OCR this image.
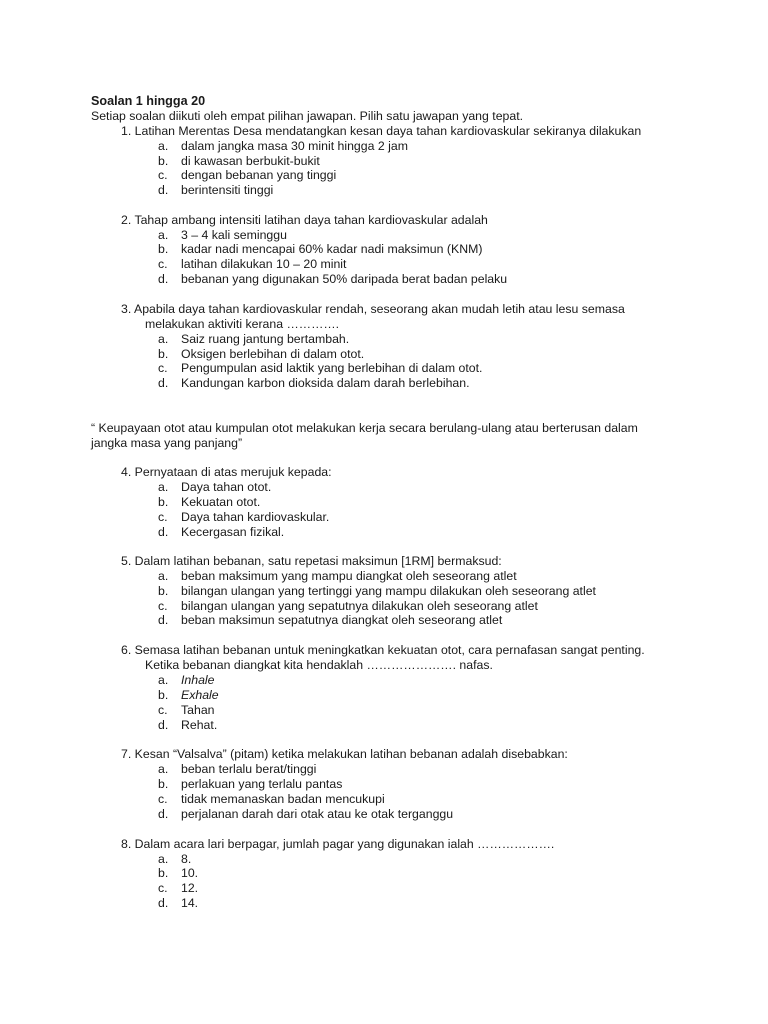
Soalan 1 hingga 20
Setiap soalan diikuti oleh empat pilihan jawapan. Pilih satu jawapan yang tepat.
1. Latihan Merentas Desa mendatangkan kesan daya tahan kardiovaskular sekiranya dilakukan
a. dalam jangka masa 30 minit hingga 2 jam
b. di kawasan berbukit-bukit
c. dengan bebanan yang tinggi
d. berintensiti tinggi
2. Tahap ambang intensiti latihan daya tahan kardiovaskular adalah
a. 3 – 4 kali seminggu
b. kadar nadi mencapai 60% kadar nadi maksimun (KNM)
c. latihan dilakukan 10 – 20 minit
d. bebanan yang digunakan 50% daripada berat badan pelaku
3. Apabila daya tahan kardiovaskular rendah, seseorang akan mudah letih atau lesu semasa
melakukan aktiviti kerana ………….
a. Saiz ruang jantung bertambah.
b. Oksigen berlebihan di dalam otot.
c. Pengumpulan asid laktik yang berlebihan di dalam otot.
d. Kandungan karbon dioksida dalam darah berlebihan.
“ Keupayaan otot atau kumpulan otot melakukan kerja secara berulang-ulang atau berterusan dalam
jangka masa yang panjang”
4. Pernyataan di atas merujuk kepada:
a. Daya tahan otot.
b. Kekuatan otot.
c. Daya tahan kardiovaskular.
d. Kecergasan fizikal.
5. Dalam latihan bebanan, satu repetasi maksimun [1RM] bermaksud:
a. beban maksimum yang mampu diangkat oleh seseorang atlet
b. bilangan ulangan yang tertinggi yang mampu dilakukan oleh seseorang atlet
c. bilangan ulangan yang sepatutnya dilakukan oleh seseorang atlet
d. beban maksimun sepatutnya diangkat oleh seseorang atlet
6. Semasa latihan bebanan untuk meningkatkan kekuatan otot, cara pernafasan sangat penting.
Ketika bebanan diangkat kita hendaklah …………………. nafas.
a. Inhale
b. Exhale
c. Tahan
d. Rehat.
7. Kesan “Valsalva” (pitam) ketika melakukan latihan bebanan adalah disebabkan:
a. beban terlalu berat/tinggi
b. perlakuan yang terlalu pantas
c. tidak memanaskan badan mencukupi
d. perjalanan darah dari otak atau ke otak terganggu
8. Dalam acara lari berpagar, jumlah pagar yang digunakan ialah ……………….
a. 8.
b. 10.
c. 12.
d. 14.
